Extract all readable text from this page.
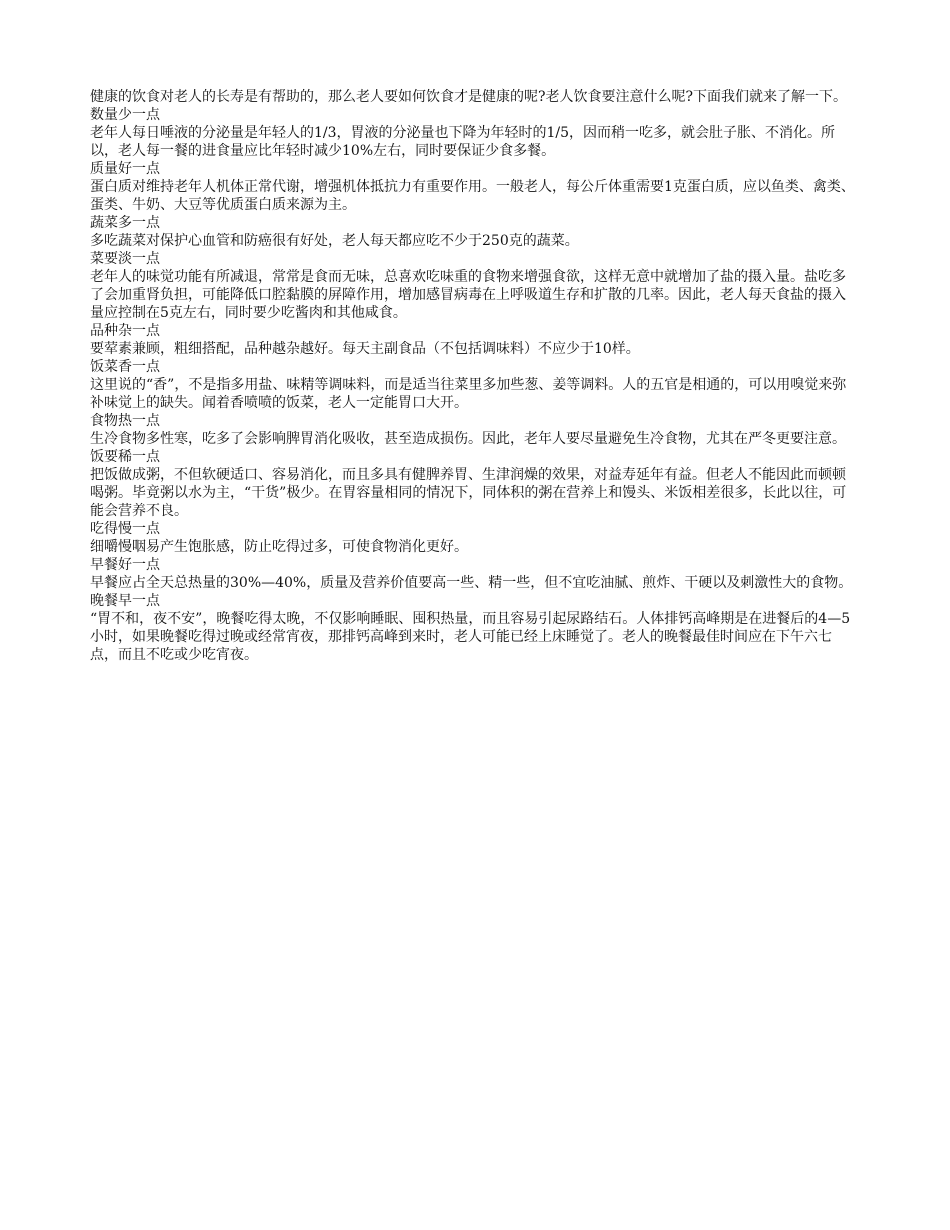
健康的饮食对老人的长寿是有帮助的，那么老人要如何饮食才是健康的呢?老人饮食要注意什么呢?下面我们就来了解一下。

数量少一点

老年人每日唾液的分泌量是年轻人的1/3，胃液的分泌量也下降为年轻时的1/5，因而稍一吃多，就会肚子胀、不消化。所以，老人每一餐的进食量应比年轻时减少10%左右，同时要保证少食多餐。

质量好一点

蛋白质对维持老年人机体正常代谢，增强机体抵抗力有重要作用。一般老人，每公斤体重需要1克蛋白质，应以鱼类、禽类、蛋类、牛奶、大豆等优质蛋白质来源为主。

蔬菜多一点

多吃蔬菜对保护心血管和防癌很有好处，老人每天都应吃不少于250克的蔬菜。

菜要淡一点

老年人的味觉功能有所减退，常常是食而无味，总喜欢吃味重的食物来增强食欲，这样无意中就增加了盐的摄入量。盐吃多了会加重肾负担，可能降低口腔黏膜的屏障作用，增加感冒病毒在上呼吸道生存和扩散的几率。因此，老人每天食盐的摄入量应控制在5克左右，同时要少吃酱肉和其他咸食。

品种杂一点

要荤素兼顾，粗细搭配，品种越杂越好。每天主副食品（不包括调味料）不应少于10样。

饭菜香一点

这里说的“香”，不是指多用盐、味精等调味料，而是适当往菜里多加些葱、姜等调料。人的五官是相通的，可以用嗅觉来弥补味觉上的缺失。闻着香喷喷的饭菜，老人一定能胃口大开。

食物热一点

生冷食物多性寒，吃多了会影响脾胃消化吸收，甚至造成损伤。因此，老年人要尽量避免生冷食物，尤其在严冬更要注意。

饭要稀一点

把饭做成粥，不但软硬适口、容易消化，而且多具有健脾养胃、生津润燥的效果，对益寿延年有益。但老人不能因此而顿顿喝粥。毕竟粥以水为主，“干货”极少。在胃容量相同的情况下，同体积的粥在营养上和馒头、米饭相差很多，长此以往，可能会营养不良。

吃得慢一点

细嚼慢咽易产生饱胀感，防止吃得过多，可使食物消化更好。

早餐好一点

早餐应占全天总热量的30%—40%，质量及营养价值要高一些、精一些，但不宜吃油腻、煎炸、干硬以及刺激性大的食物。

晚餐早一点

“胃不和，夜不安”，晚餐吃得太晚，不仅影响睡眠、囤积热量，而且容易引起尿路结石。人体排钙高峰期是在进餐后的4—5小时，如果晚餐吃得过晚或经常宵夜，那排钙高峰到来时，老人可能已经上床睡觉了。老人的晚餐最佳时间应在下午六七点，而且不吃或少吃宵夜。
